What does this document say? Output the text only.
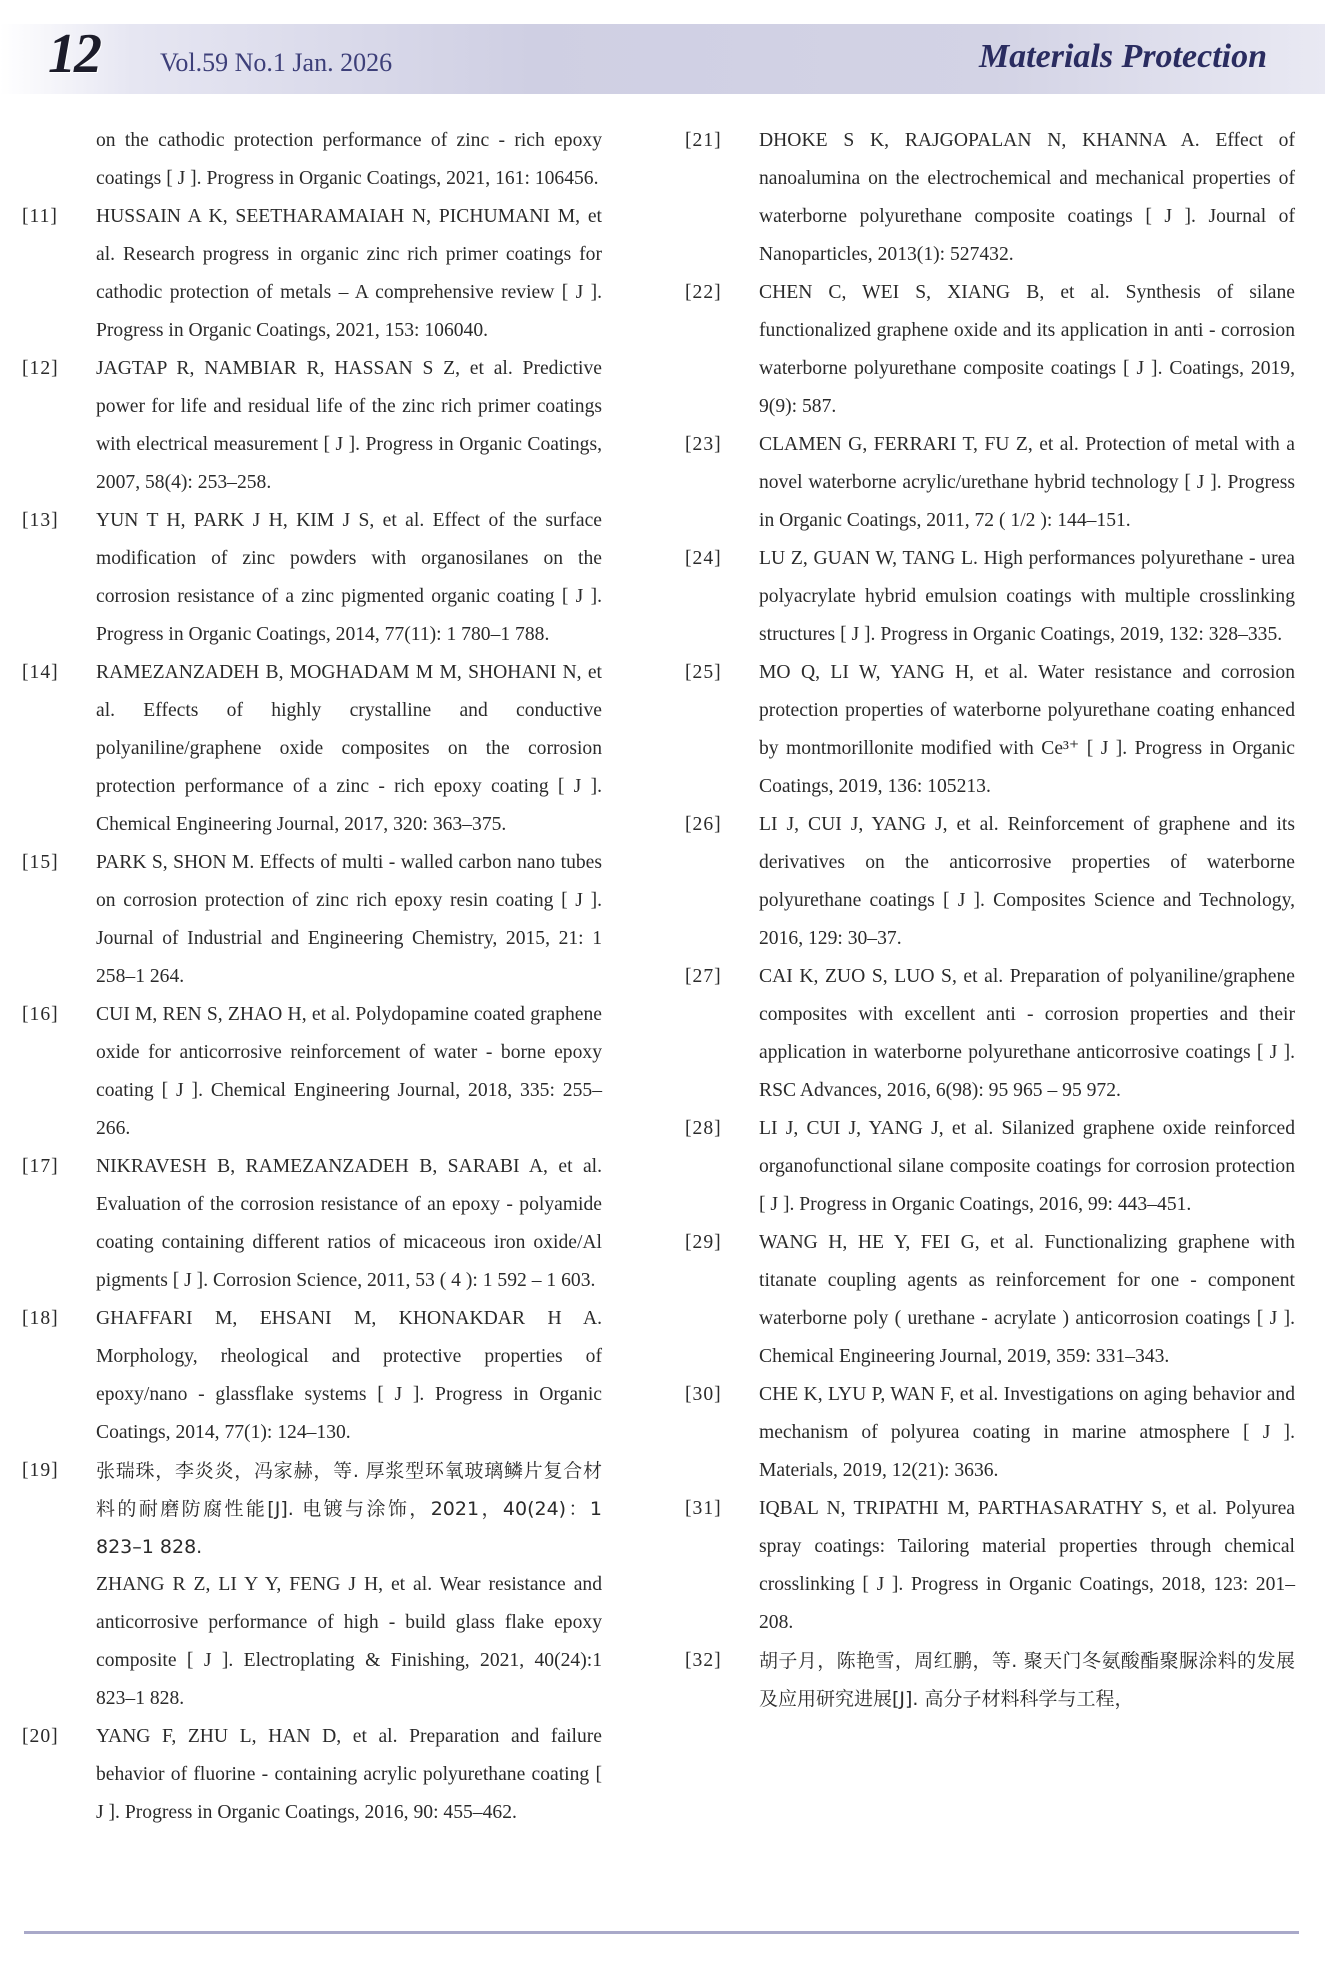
12 Vol.59 No.1 Jan. 2026	Materials Protection
on the cathodic protection performance of zinc - rich epoxy coatings [ J ]. Progress in Organic Coatings, 2021, 161: 106456.
[11]	HUSSAIN A K, SEETHARAMAIAH N, PICHUMANI M, et al. Research progress in organic zinc rich primer coatings for cathodic protection of metals – A comprehensive review [ J ]. Progress in Organic Coatings, 2021, 153: 106040.
[12]	JAGTAP R, NAMBIAR R, HASSAN S Z, et al. Predictive power for life and residual life of the zinc rich primer coatings with electrical measurement [ J ]. Progress in Organic Coatings, 2007, 58(4): 253–258.
[13]	YUN T H, PARK J H, KIM J S, et al. Effect of the surface modification of zinc powders with organosilanes on the corrosion resistance of a zinc pigmented organic coating [ J ]. Progress in Organic Coatings, 2014, 77(11): 1 780–1 788.
[14]	RAMEZANZADEH B, MOGHADAM M M, SHOHANI N, et al. Effects of highly crystalline and conductive polyaniline/graphene oxide composites on the corrosion protection performance of a zinc - rich epoxy coating [ J ]. Chemical Engineering Journal, 2017, 320: 363–375.
[15]	PARK S, SHON M. Effects of multi - walled carbon nano tubes on corrosion protection of zinc rich epoxy resin coating [ J ]. Journal of Industrial and Engineering Chemistry, 2015, 21: 1 258–1 264.
[16]	CUI M, REN S, ZHAO H, et al. Polydopamine coated graphene oxide for anticorrosive reinforcement of water - borne epoxy coating [ J ]. Chemical Engineering Journal, 2018, 335: 255–266.
[17]	NIKRAVESH B, RAMEZANZADEH B, SARABI A, et al. Evaluation of the corrosion resistance of an epoxy - polyamide coating containing different ratios of micaceous iron oxide/Al pigments [ J ]. Corrosion Science, 2011, 53 ( 4 ): 1 592 – 1 603.
[18]	GHAFFARI M, EHSANI M, KHONAKDAR H A. Morphology, rheological and protective properties of epoxy/nano - glassflake systems [ J ]. Progress in Organic Coatings, 2014, 77(1): 124–130.
[19]	张瑞珠，李炎炎，冯家赫，等. 厚浆型环氧玻璃鳞片复合材料的耐磨防腐性能[J]. 电镀与涂饰，2021，40(24)：1 823–1 828.
ZHANG R Z, LI Y Y, FENG J H, et al. Wear resistance and anticorrosive performance of high - build glass flake epoxy composite [ J ]. Electroplating & Finishing, 2021, 40(24):1 823–1 828.
[20]	YANG F, ZHU L, HAN D, et al. Preparation and failure behavior of fluorine - containing acrylic polyurethane coating [ J ]. Progress in Organic Coatings, 2016, 90: 455–462.
[21]	DHOKE S K, RAJGOPALAN N, KHANNA A. Effect of nanoalumina on the electrochemical and mechanical properties of waterborne polyurethane composite coatings [ J ]. Journal of Nanoparticles, 2013(1): 527432.
[22]	CHEN C, WEI S, XIANG B, et al. Synthesis of silane functionalized graphene oxide and its application in anti - corrosion waterborne polyurethane composite coatings [ J ]. Coatings, 2019, 9(9): 587.
[23]	CLAMEN G, FERRARI T, FU Z, et al. Protection of metal with a novel waterborne acrylic/urethane hybrid technology [ J ]. Progress in Organic Coatings, 2011, 72 ( 1/2 ): 144–151.
[24]	LU Z, GUAN W, TANG L. High performances polyurethane - urea polyacrylate hybrid emulsion coatings with multiple crosslinking structures [ J ]. Progress in Organic Coatings, 2019, 132: 328–335.
[25]	MO Q, LI W, YANG H, et al. Water resistance and corrosion protection properties of waterborne polyurethane coating enhanced by montmorillonite modified with Ce³⁺ [ J ]. Progress in Organic Coatings, 2019, 136: 105213.
[26]	LI J, CUI J, YANG J, et al. Reinforcement of graphene and its derivatives on the anticorrosive properties of waterborne polyurethane coatings [ J ]. Composites Science and Technology, 2016, 129: 30–37.
[27]	CAI K, ZUO S, LUO S, et al. Preparation of polyaniline/graphene composites with excellent anti - corrosion properties and their application in waterborne polyurethane anticorrosive coatings [ J ]. RSC Advances, 2016, 6(98): 95 965 – 95 972.
[28]	LI J, CUI J, YANG J, et al. Silanized graphene oxide reinforced organofunctional silane composite coatings for corrosion protection [ J ]. Progress in Organic Coatings, 2016, 99: 443–451.
[29]	WANG H, HE Y, FEI G, et al. Functionalizing graphene with titanate coupling agents as reinforcement for one - component waterborne poly ( urethane - acrylate ) anticorrosion coatings [ J ]. Chemical Engineering Journal, 2019, 359: 331–343.
[30]	CHE K, LYU P, WAN F, et al. Investigations on aging behavior and mechanism of polyurea coating in marine atmosphere [ J ]. Materials, 2019, 12(21): 3636.
[31]	IQBAL N, TRIPATHI M, PARTHASARATHY S, et al. Polyurea spray coatings: Tailoring material properties through chemical crosslinking [ J ]. Progress in Organic Coatings, 2018, 123: 201–208.
[32]	胡子月，陈艳雪，周红鹏，等. 聚天门冬氨酸酯聚脲涂料的发展及应用研究进展[J]. 高分子材料科学与工程，
